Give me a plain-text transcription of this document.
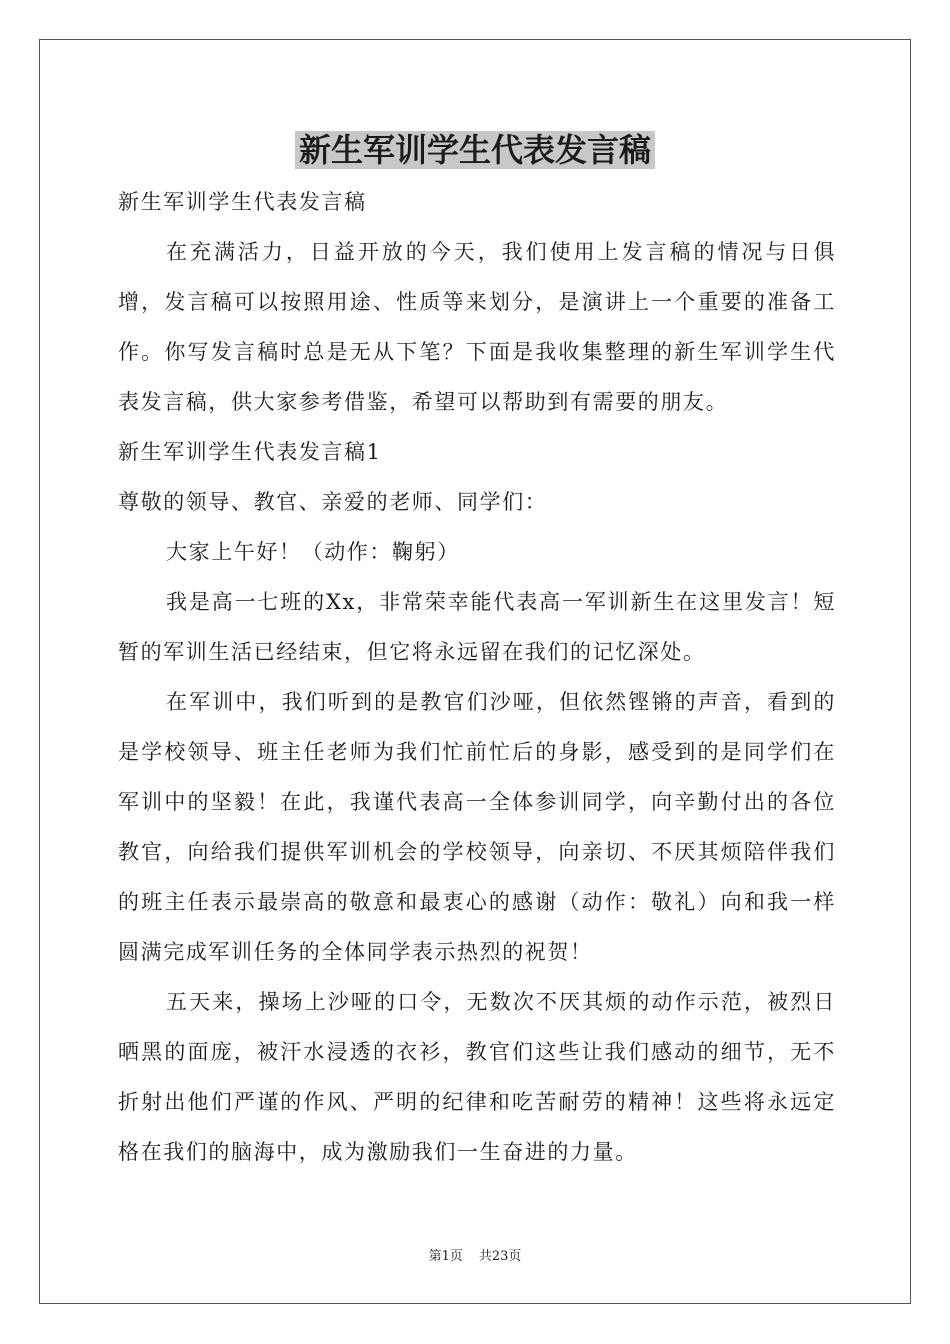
新生军训学生代表发言稿

新生军训学生代表发言稿

在充满活力，日益开放的今天，我们使用上发言稿的情况与日俱增，发言稿可以按照用途、性质等来划分，是演讲上一个重要的准备工作。你写发言稿时总是无从下笔？下面是我收集整理的新生军训学生代表发言稿，供大家参考借鉴，希望可以帮助到有需要的朋友。

新生军训学生代表发言稿1

尊敬的领导、教官、亲爱的老师、同学们：

大家上午好！（动作：鞠躬）

我是高一七班的Xx，非常荣幸能代表高一军训新生在这里发言！短暂的军训生活已经结束，但它将永远留在我们的记忆深处。

在军训中，我们听到的是教官们沙哑，但依然铿锵的声音，看到的是学校领导、班主任老师为我们忙前忙后的身影，感受到的是同学们在军训中的坚毅！在此，我谨代表高一全体参训同学，向辛勤付出的各位教官，向给我们提供军训机会的学校领导，向亲切、不厌其烦陪伴我们的班主任表示最崇高的敬意和最衷心的感谢（动作：敬礼）向和我一样圆满完成军训任务的全体同学表示热烈的祝贺！

五天来，操场上沙哑的口令，无数次不厌其烦的动作示范，被烈日晒黑的面庞，被汗水浸透的衣衫，教官们这些让我们感动的细节，无不折射出他们严谨的作风、严明的纪律和吃苦耐劳的精神！这些将永远定格在我们的脑海中，成为激励我们一生奋进的力量。

第1页 共23页
